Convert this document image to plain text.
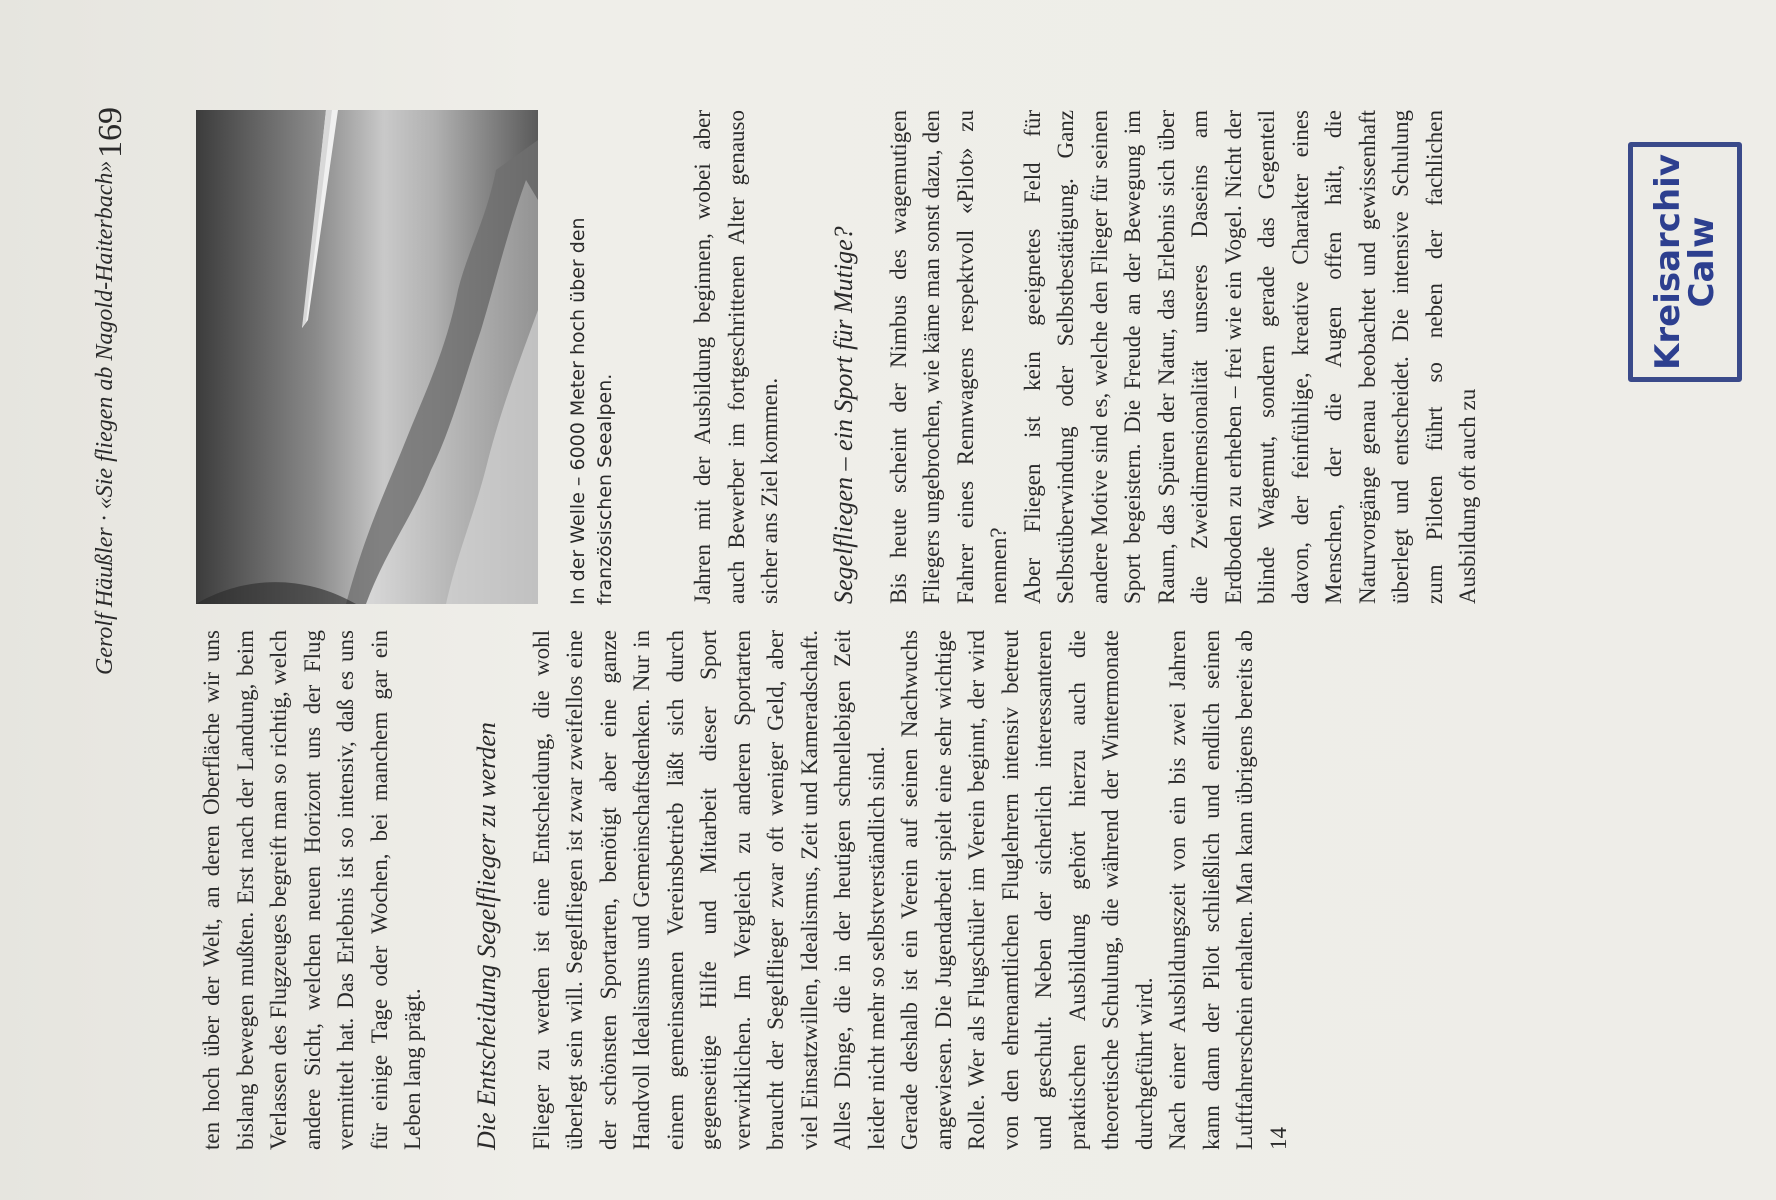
Gerolf Häußler · «Sie fliegen ab Nagold-Haiterbach»
169
In der Welle – 6000 Meter hoch über den französischen Seealpen.

ten hoch über der Welt, an deren Oberfläche wir uns bislang bewegen mußten. Erst nach der Landung, beim Verlassen des Flugzeuges begreift man so richtig, welch andere Sicht, welchen neuen Horizont uns der Flug vermittelt hat. Das Erlebnis ist so intensiv, daß es uns für einige Tage oder Wochen, bei manchem gar ein Leben lang prägt. Die Entscheidung Segelflieger zu werden Flieger zu werden ist eine Entscheidung, die wohl überlegt sein will. Segelfliegen ist zwar zweifellos eine der schönsten Sportarten, benötigt aber eine ganze Handvoll Idealismus und Gemeinschaftsdenken. Nur in einem gemeinsamen Vereinsbetrieb läßt sich durch gegenseitige Hilfe und Mitarbeit dieser Sport verwirklichen. Im Vergleich zu anderen Sportarten braucht der Segelflieger zwar oft weniger Geld, aber viel Einsatzwillen, Idealismus, Zeit und Kameradschaft. Alles Dinge, die in der heutigen schnellebigen Zeit leider nicht mehr so selbstverständlich sind. Gerade deshalb ist ein Verein auf seinen Nachwuchs angewiesen. Die Jugendarbeit spielt eine sehr wichtige Rolle. Wer als Flugschüler im Verein beginnt, der wird von den ehrenamtlichen Fluglehrern intensiv betreut und geschult. Neben der sicherlich interessanteren praktischen Ausbildung gehört hierzu auch die theoretische Schulung, die während der Wintermonate durchgeführt wird. Nach einer Ausbildungszeit von ein bis zwei Jahren kann dann der Pilot schließlich und endlich seinen Luftfahrerschein erhalten. Man kann übrigens bereits ab 14

Jahren mit der Ausbildung beginnen, wobei aber auch Bewerber im fortgeschrittenen Alter genauso sicher ans Ziel kommen. Segelfliegen – ein Sport für Mutige? Bis heute scheint der Nimbus des wagemutigen Fliegers ungebrochen, wie käme man sonst dazu, den Fahrer eines Rennwagens respektvoll «Pilot» zu nennen? Aber Fliegen ist kein geeignetes Feld für Selbstüberwindung oder Selbstbestätigung. Ganz andere Motive sind es, welche den Flieger für seinen Sport begeistern. Die Freude an der Bewegung im Raum, das Spüren der Natur, das Erlebnis sich über die Zweidimensionalität unseres Daseins am Erdboden zu erheben – frei wie ein Vogel. Nicht der blinde Wagemut, sondern gerade das Gegenteil davon, der feinfühlige, kreative Charakter eines Menschen, der die Augen offen hält, die Naturvorgänge genau beobachtet und gewissenhaft überlegt und entscheidet. Die intensive Schulung zum Piloten führt so neben der fachlichen Ausbildung oft auch zu

Kreisarchiv
Calw
